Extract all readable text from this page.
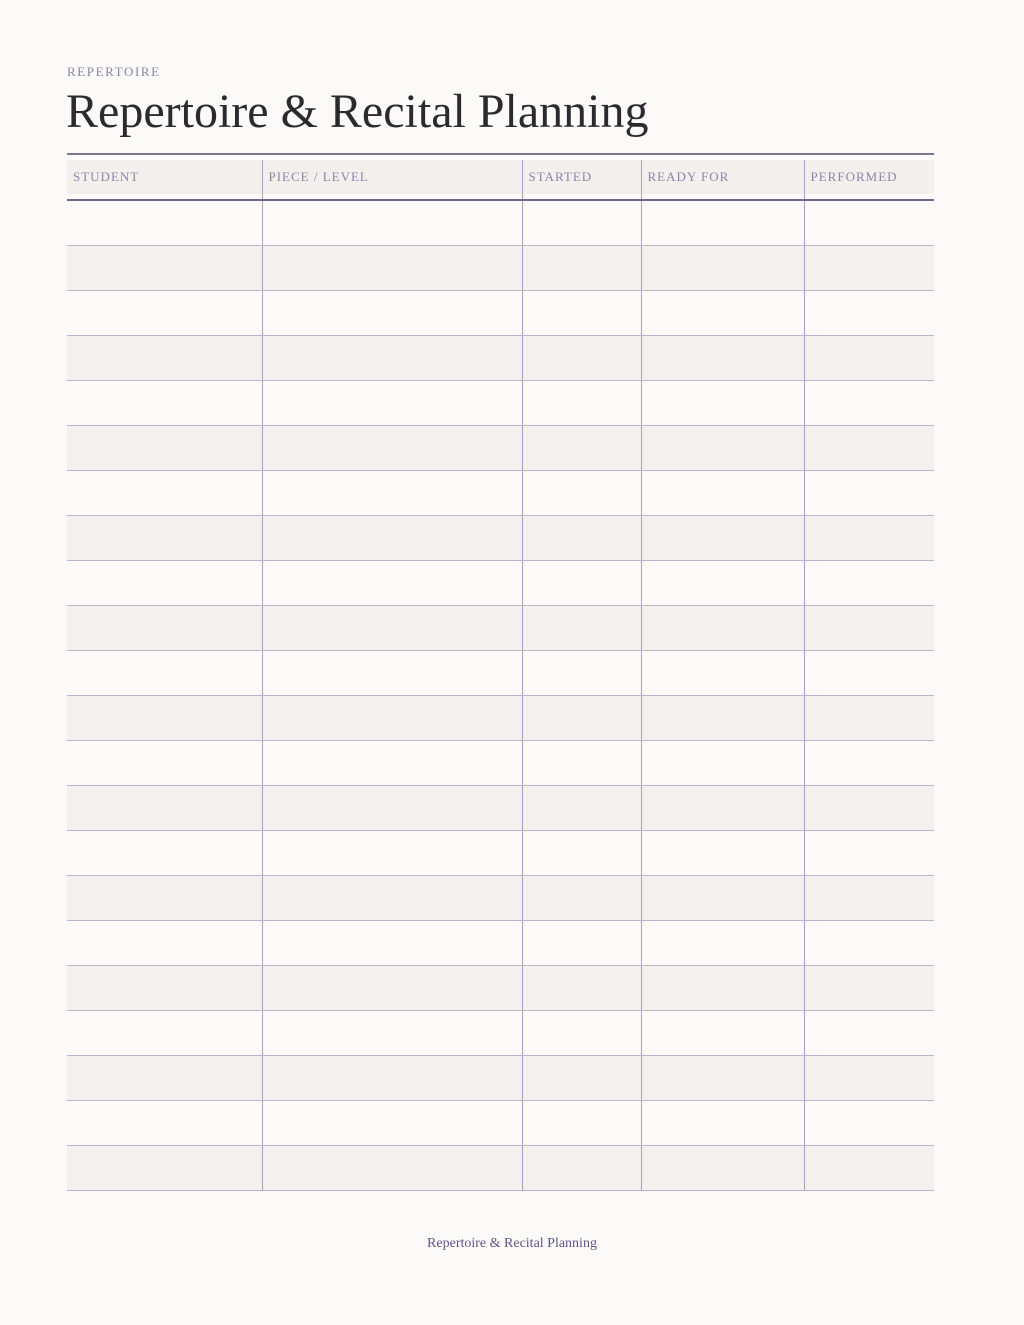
REPERTOIRE
Repertoire & Recital Planning
STUDENT	PIECE / LEVEL	STARTED	READY FOR	PERFORMED

Repertoire & Recital Planning
